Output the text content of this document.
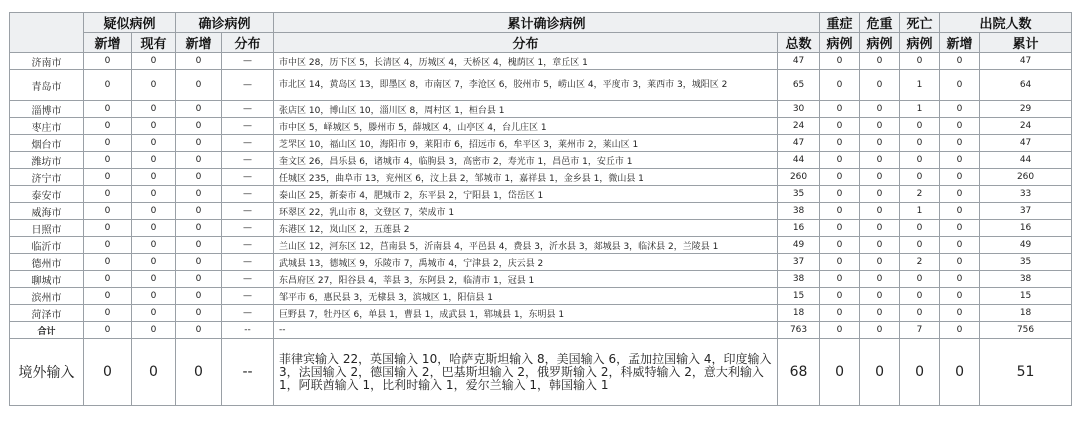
	疑似病例		确诊病例		累计确诊病例		重症	危重	死亡	出院人数	
	新增	现有	新增	分布	分布	总数	病例	病例	病例	新增	累计
济南市	0	0	0	—	市中区 28，历下区 5，长清区 4，历城区 4，天桥区 4，槐荫区 1，章丘区 1	47	0	0	0	0	47
青岛市	0	0	0	—	市北区 14，黄岛区 13，即墨区 8，市南区 7，李沧区 6，胶州市 5，崂山区 4，平度市 3，莱西市 3，城阳区 2	65	0	0	1	0	64
淄博市	0	0	0	—	张店区 10，博山区 10，淄川区 8，周村区 1，桓台县 1	30	0	0	1	0	29
枣庄市	0	0	0	—	市中区 5，峄城区 5，滕州市 5，薛城区 4，山亭区 4，台儿庄区 1	24	0	0	0	0	24
烟台市	0	0	0	—	芝罘区 10，福山区 10，海阳市 9，莱阳市 6，招远市 6，牟平区 3，莱州市 2，莱山区 1	47	0	0	0	0	47
潍坊市	0	0	0	—	奎文区 26，昌乐县 6，诸城市 4，临朐县 3，高密市 2，寿光市 1，昌邑市 1，安丘市 1	44	0	0	0	0	44
济宁市	0	0	0	—	任城区 235，曲阜市 13，兖州区 6，汶上县 2，邹城市 1，嘉祥县 1，金乡县 1，微山县 1	260	0	0	0	0	260
泰安市	0	0	0	—	泰山区 25，新泰市 4，肥城市 2，东平县 2，宁阳县 1，岱岳区 1	35	0	0	2	0	33
威海市	0	0	0	—	环翠区 22，乳山市 8，文登区 7，荣成市 1	38	0	0	1	0	37
日照市	0	0	0	—	东港区 12，岚山区 2，五莲县 2	16	0	0	0	0	16
临沂市	0	0	0	—	兰山区 12，河东区 12，莒南县 5，沂南县 4，平邑县 4，费县 3，沂水县 3，郯城县 3，临沭县 2，兰陵县 1	49	0	0	0	0	49
德州市	0	0	0	—	武城县 13，德城区 9，乐陵市 7，禹城市 4，宁津县 2，庆云县 2	37	0	0	2	0	35
聊城市	0	0	0	—	东昌府区 27，阳谷县 4，莘县 3，东阿县 2，临清市 1，冠县 1	38	0	0	0	0	38
滨州市	0	0	0	—	邹平市 6，惠民县 3，无棣县 3，滨城区 1，阳信县 1	15	0	0	0	0	15
菏泽市	0	0	0	—	巨野县 7，牡丹区 6，单县 1，曹县 1，成武县 1，郓城县 1，东明县 1	18	0	0	0	0	18
合计	0	0	0	--	--	763	0	0	7	0	756
境外输入	0	0	0	--	菲律宾输入 22，英国输入 10，哈萨克斯坦输入 8，美国输入 6，孟加拉国输入 4，印度输入 3，法国输入 2，德国输入 2，巴基斯坦输入 2，俄罗斯输入 2，科威特输入 2，意大利输入 1，阿联酋输入 1，比利时输入 1，爱尔兰输入 1，韩国输入 1	68	0	0	0	0	51
